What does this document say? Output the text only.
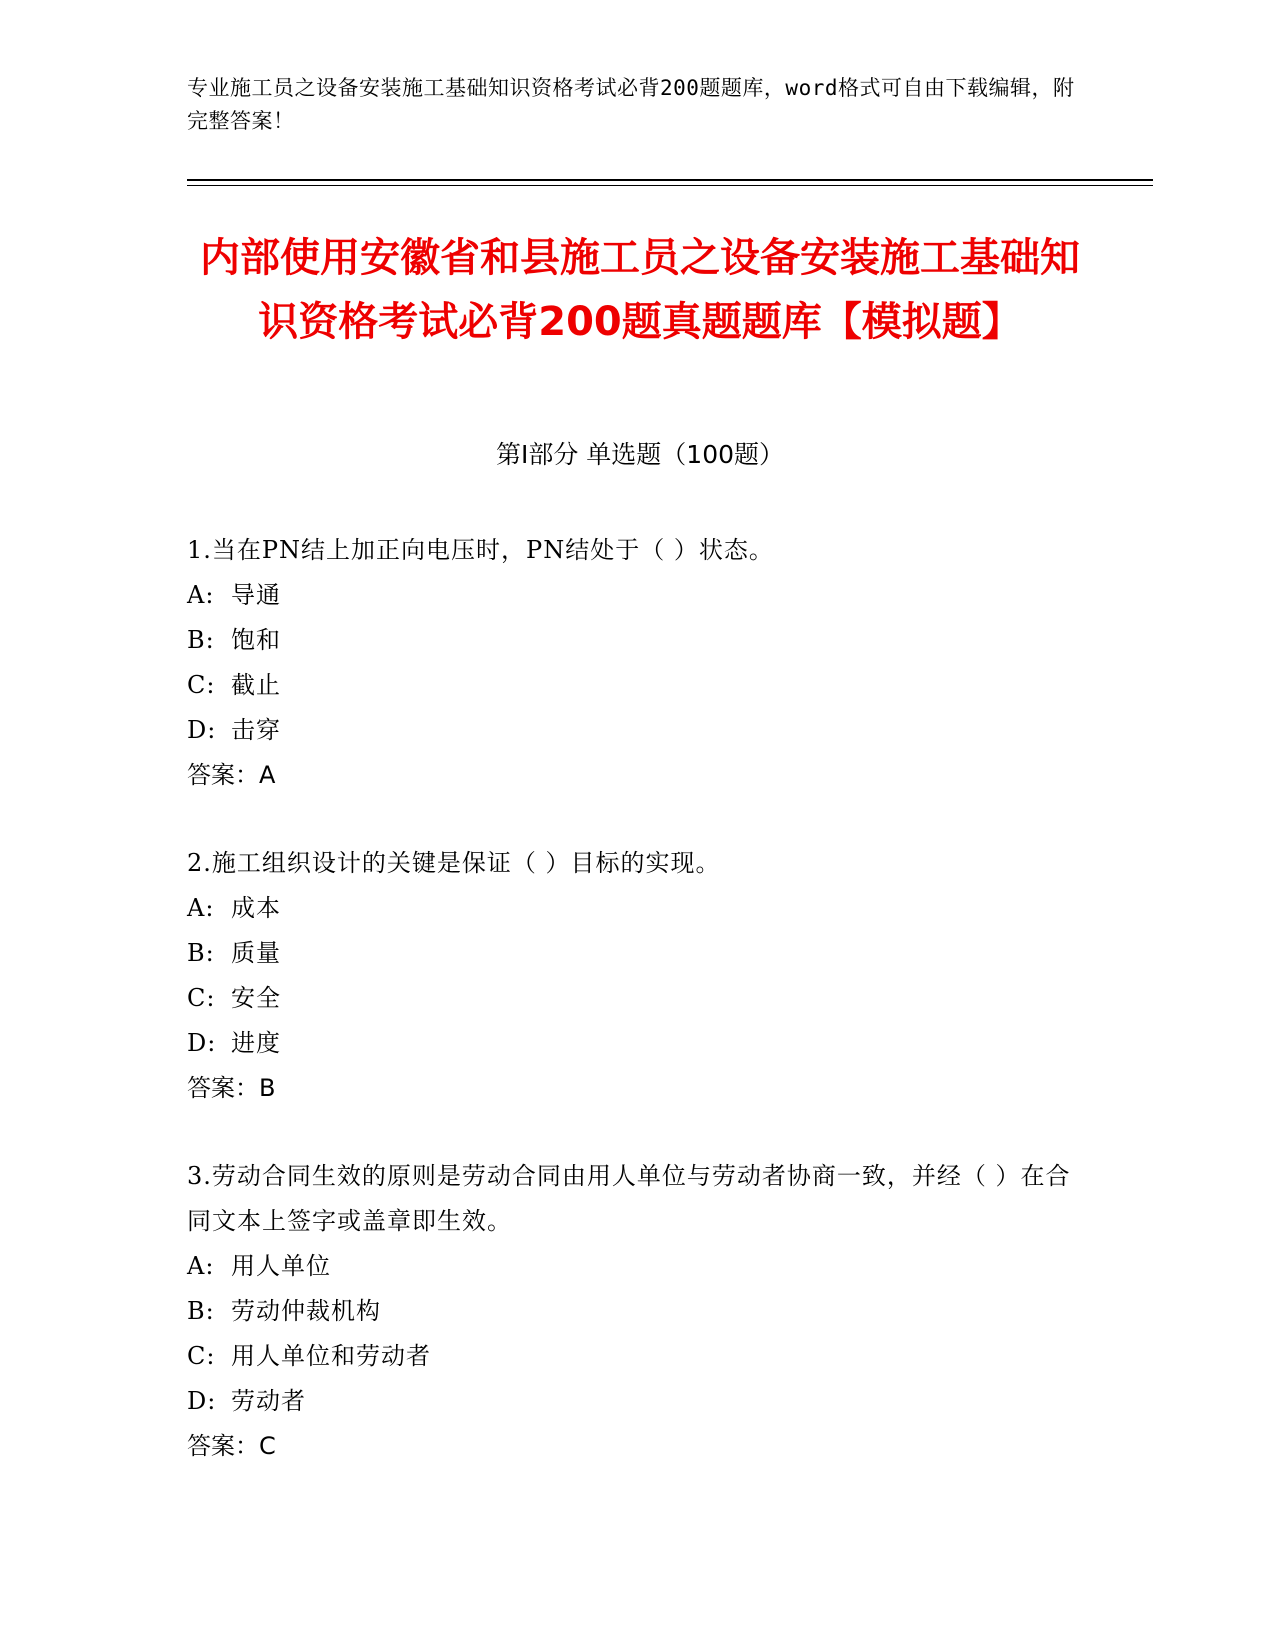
专业施工员之设备安装施工基础知识资格考试必背200题题库，word格式可自由下载编辑，附完整答案！
内部使用安徽省和县施工员之设备安装施工基础知识资格考试必背200题真题题库【模拟题】
第I部分 单选题（100题）
1.当在PN结上加正向电压时，PN结处于（ ）状态。
A: 导通
B: 饱和
C: 截止
D: 击穿
答案：A
2.施工组织设计的关键是保证（ ）目标的实现。
A: 成本
B: 质量
C: 安全
D: 进度
答案：B
3.劳动合同生效的原则是劳动合同由用人单位与劳动者协商一致，并经（ ）在合同文本上签字或盖章即生效。
A: 用人单位
B: 劳动仲裁机构
C: 用人单位和劳动者
D: 劳动者
答案：C
